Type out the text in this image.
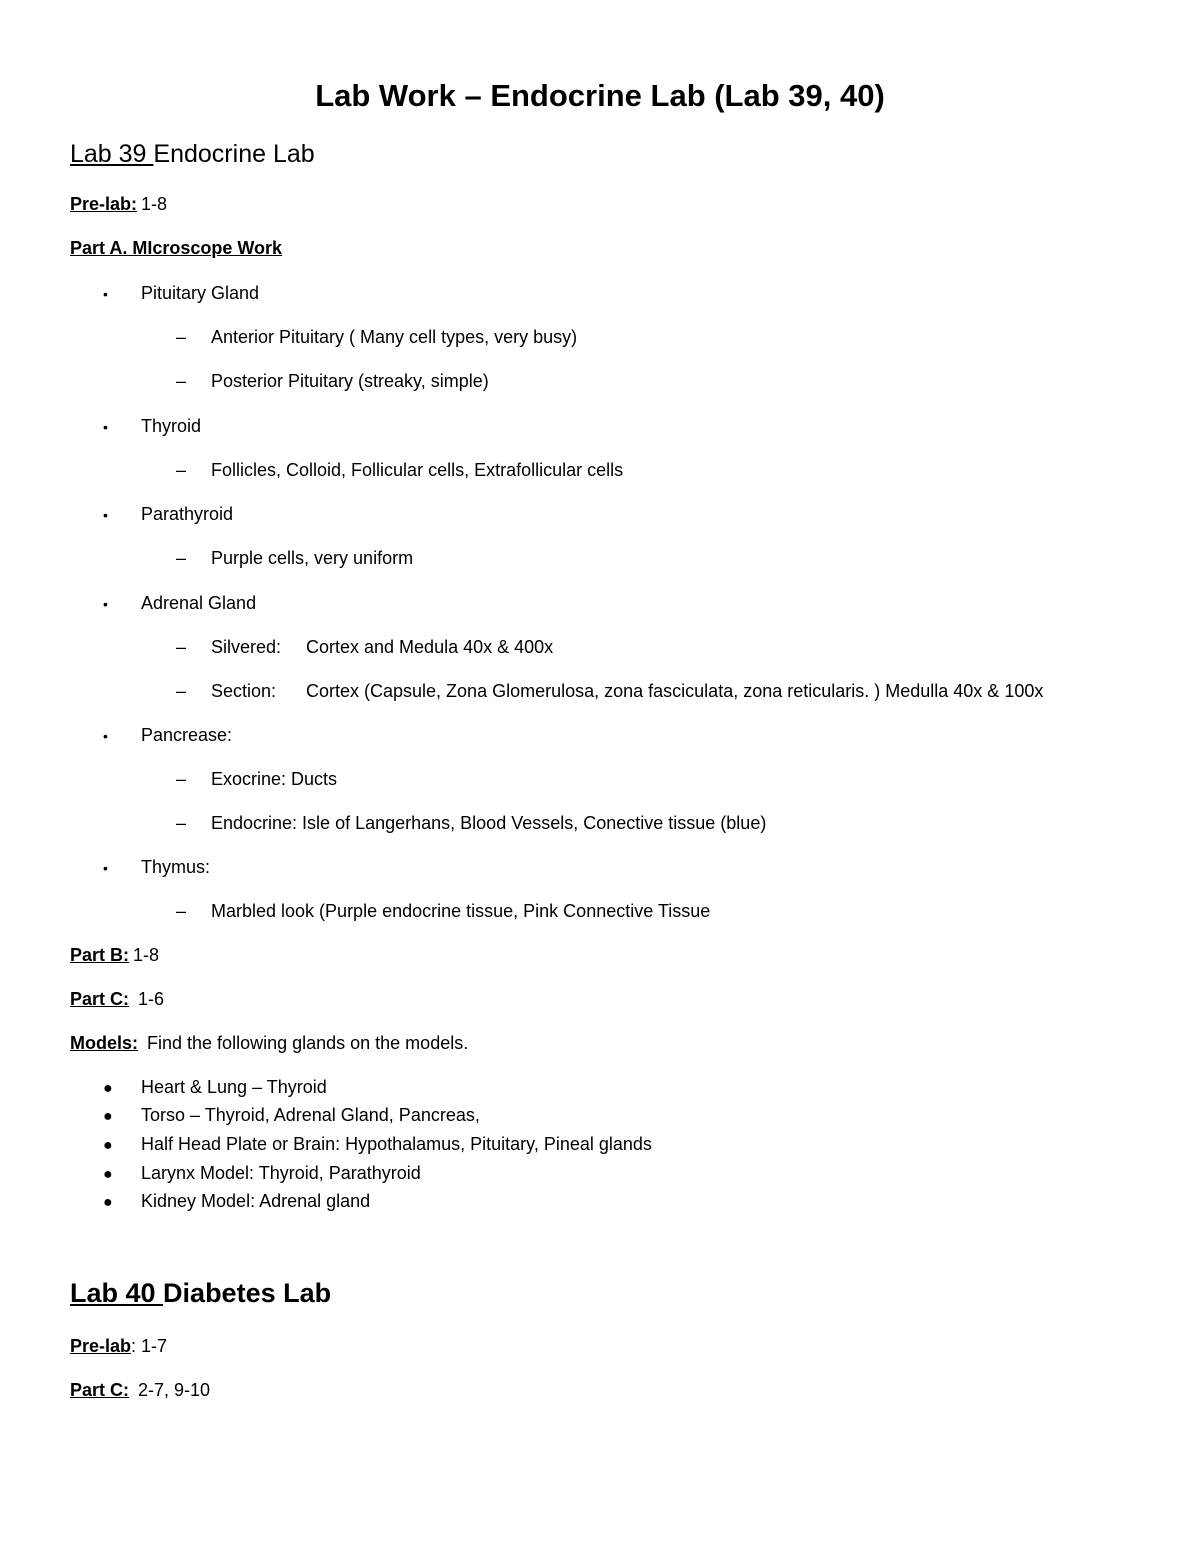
Lab Work – Endocrine Lab (Lab 39, 40)
Lab 39 Endocrine Lab
Pre-lab: 1-8
Part A. MIcroscope Work
• Pituitary Gland
– Anterior Pituitary ( Many cell types, very busy)
– Posterior Pituitary (streaky, simple)
• Thyroid
– Follicles, Colloid, Follicular cells, Extrafollicular cells
• Parathyroid
– Purple cells, very uniform
• Adrenal Gland
– Silvered: Cortex and Medula 40x & 400x
– Section: Cortex (Capsule, Zona Glomerulosa, zona fasciculata, zona reticularis. ) Medulla 40x & 100x
• Pancrease:
– Exocrine: Ducts
– Endocrine: Isle of Langerhans, Blood Vessels, Conective tissue (blue)
• Thymus:
– Marbled look (Purple endocrine tissue, Pink Connective Tissue
Part B: 1-8
Part C: 1-6
Models: Find the following glands on the models.
● Heart & Lung – Thyroid
● Torso – Thyroid, Adrenal Gland, Pancreas,
● Half Head Plate or Brain: Hypothalamus, Pituitary, Pineal glands
● Larynx Model: Thyroid, Parathyroid
● Kidney Model: Adrenal gland
Lab 40 Diabetes Lab
Pre-lab: 1-7
Part C: 2-7, 9-10
